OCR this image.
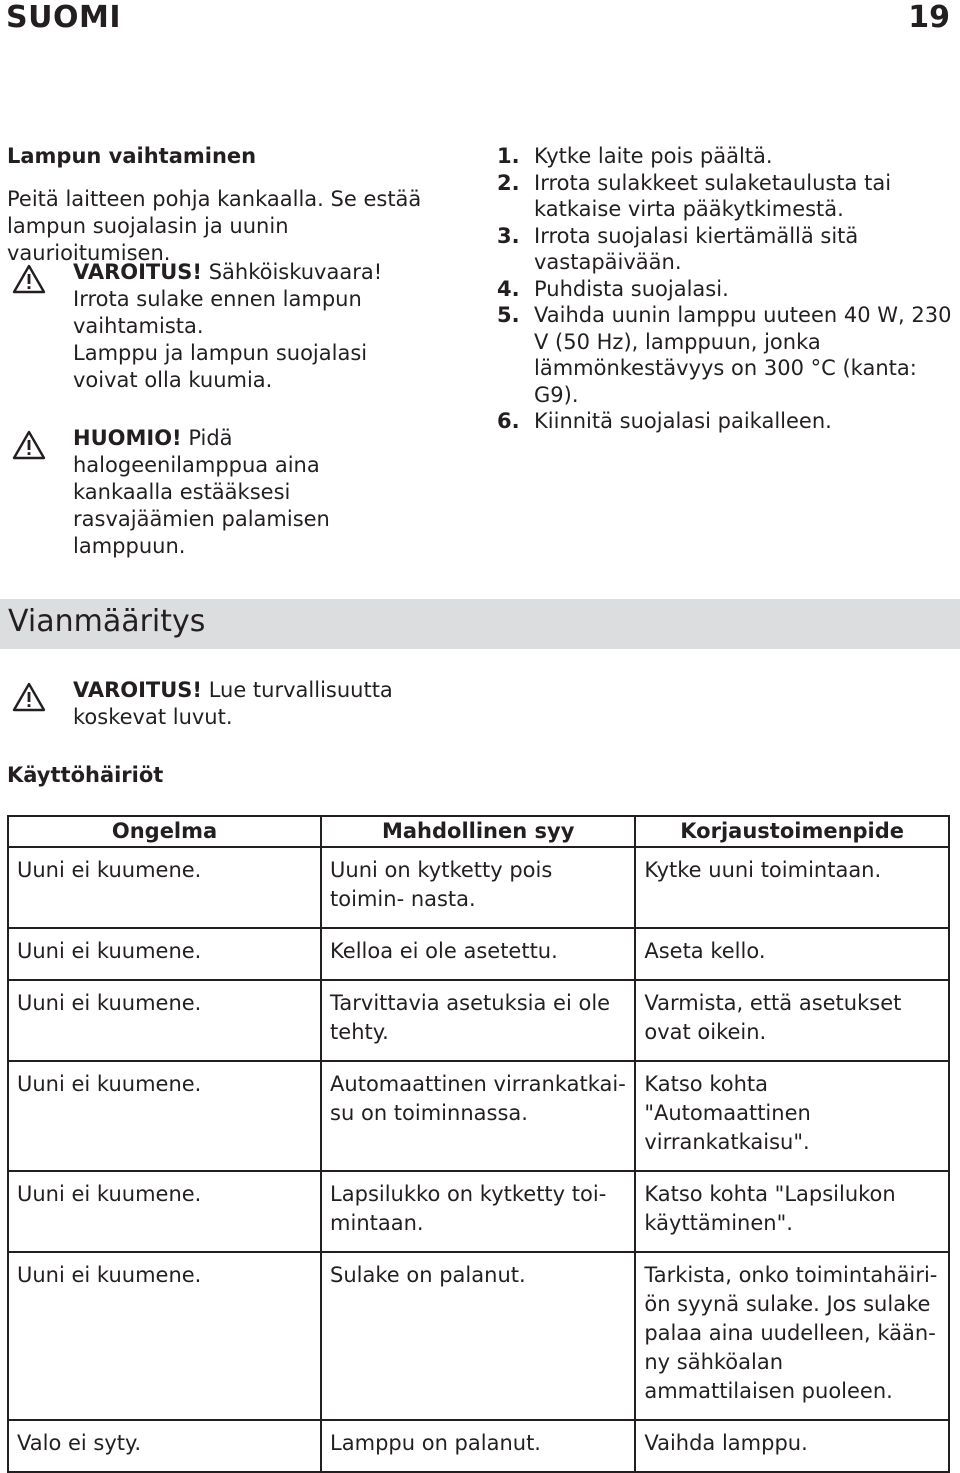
SUOMI	19
Lampun vaihtaminen
Peitä laitteen pohja kankaalla. Se estää lampun suojalasin ja uunin vaurioitumisen.

VAROITUS! Sähköiskuvaara!

Irrota sulake ennen lampun

vaihtamista.

Lamppu ja lampun suojalasi

voivat olla kuumia.

HUOMIO! Pidä

halogeenilamppua aina

kankaalla estääksesi

rasvajäämien palamisen

lamppuun.

1. Kytke laite pois päältä.
2. Irrota sulakkeet sulaketaulusta tai katkaise virta pääkytkimestä.
3. Irrota suojalasi kiertämällä sitä vastapäivään.
4. Puhdista suojalasi.
5. Vaihda uunin lamppu uuteen 40 W, 230 V (50 Hz), lamppuun, jonka lämmönkestävyys on 300 °C (kanta: G9).
6. Kiinnitä suojalasi paikalleen.
Vianmääritys

VAROITUS! Lue turvallisuutta

koskevat luvut.

Käyttöhäiriöt
Ongelma	Mahdollinen syy	Korjaustoimenpide
Uuni ei kuumene.	Uuni on kytketty pois toimin- nasta.	Kytke uuni toimintaan.
Uuni ei kuumene.	Kelloa ei ole asetettu.	Aseta kello.
Uuni ei kuumene.	Tarvittavia asetuksia ei ole tehty.	Varmista, että asetukset ovat oikein.
Uuni ei kuumene.	Automaattinen virrankatkai- su on toiminnassa.	Katso kohta "Automaattinen virrankatkaisu".
Uuni ei kuumene.	Lapsilukko on kytketty toi- mintaan.	Katso kohta "Lapsilukon käyttäminen".
Uuni ei kuumene.	Sulake on palanut.	Tarkista, onko toimintahäiri- ön syynä sulake. Jos sulake palaa aina uudelleen, kään- ny sähköalan ammattilaisen puoleen.
Valo ei syty.	Lamppu on palanut.	Vaihda lamppu.
